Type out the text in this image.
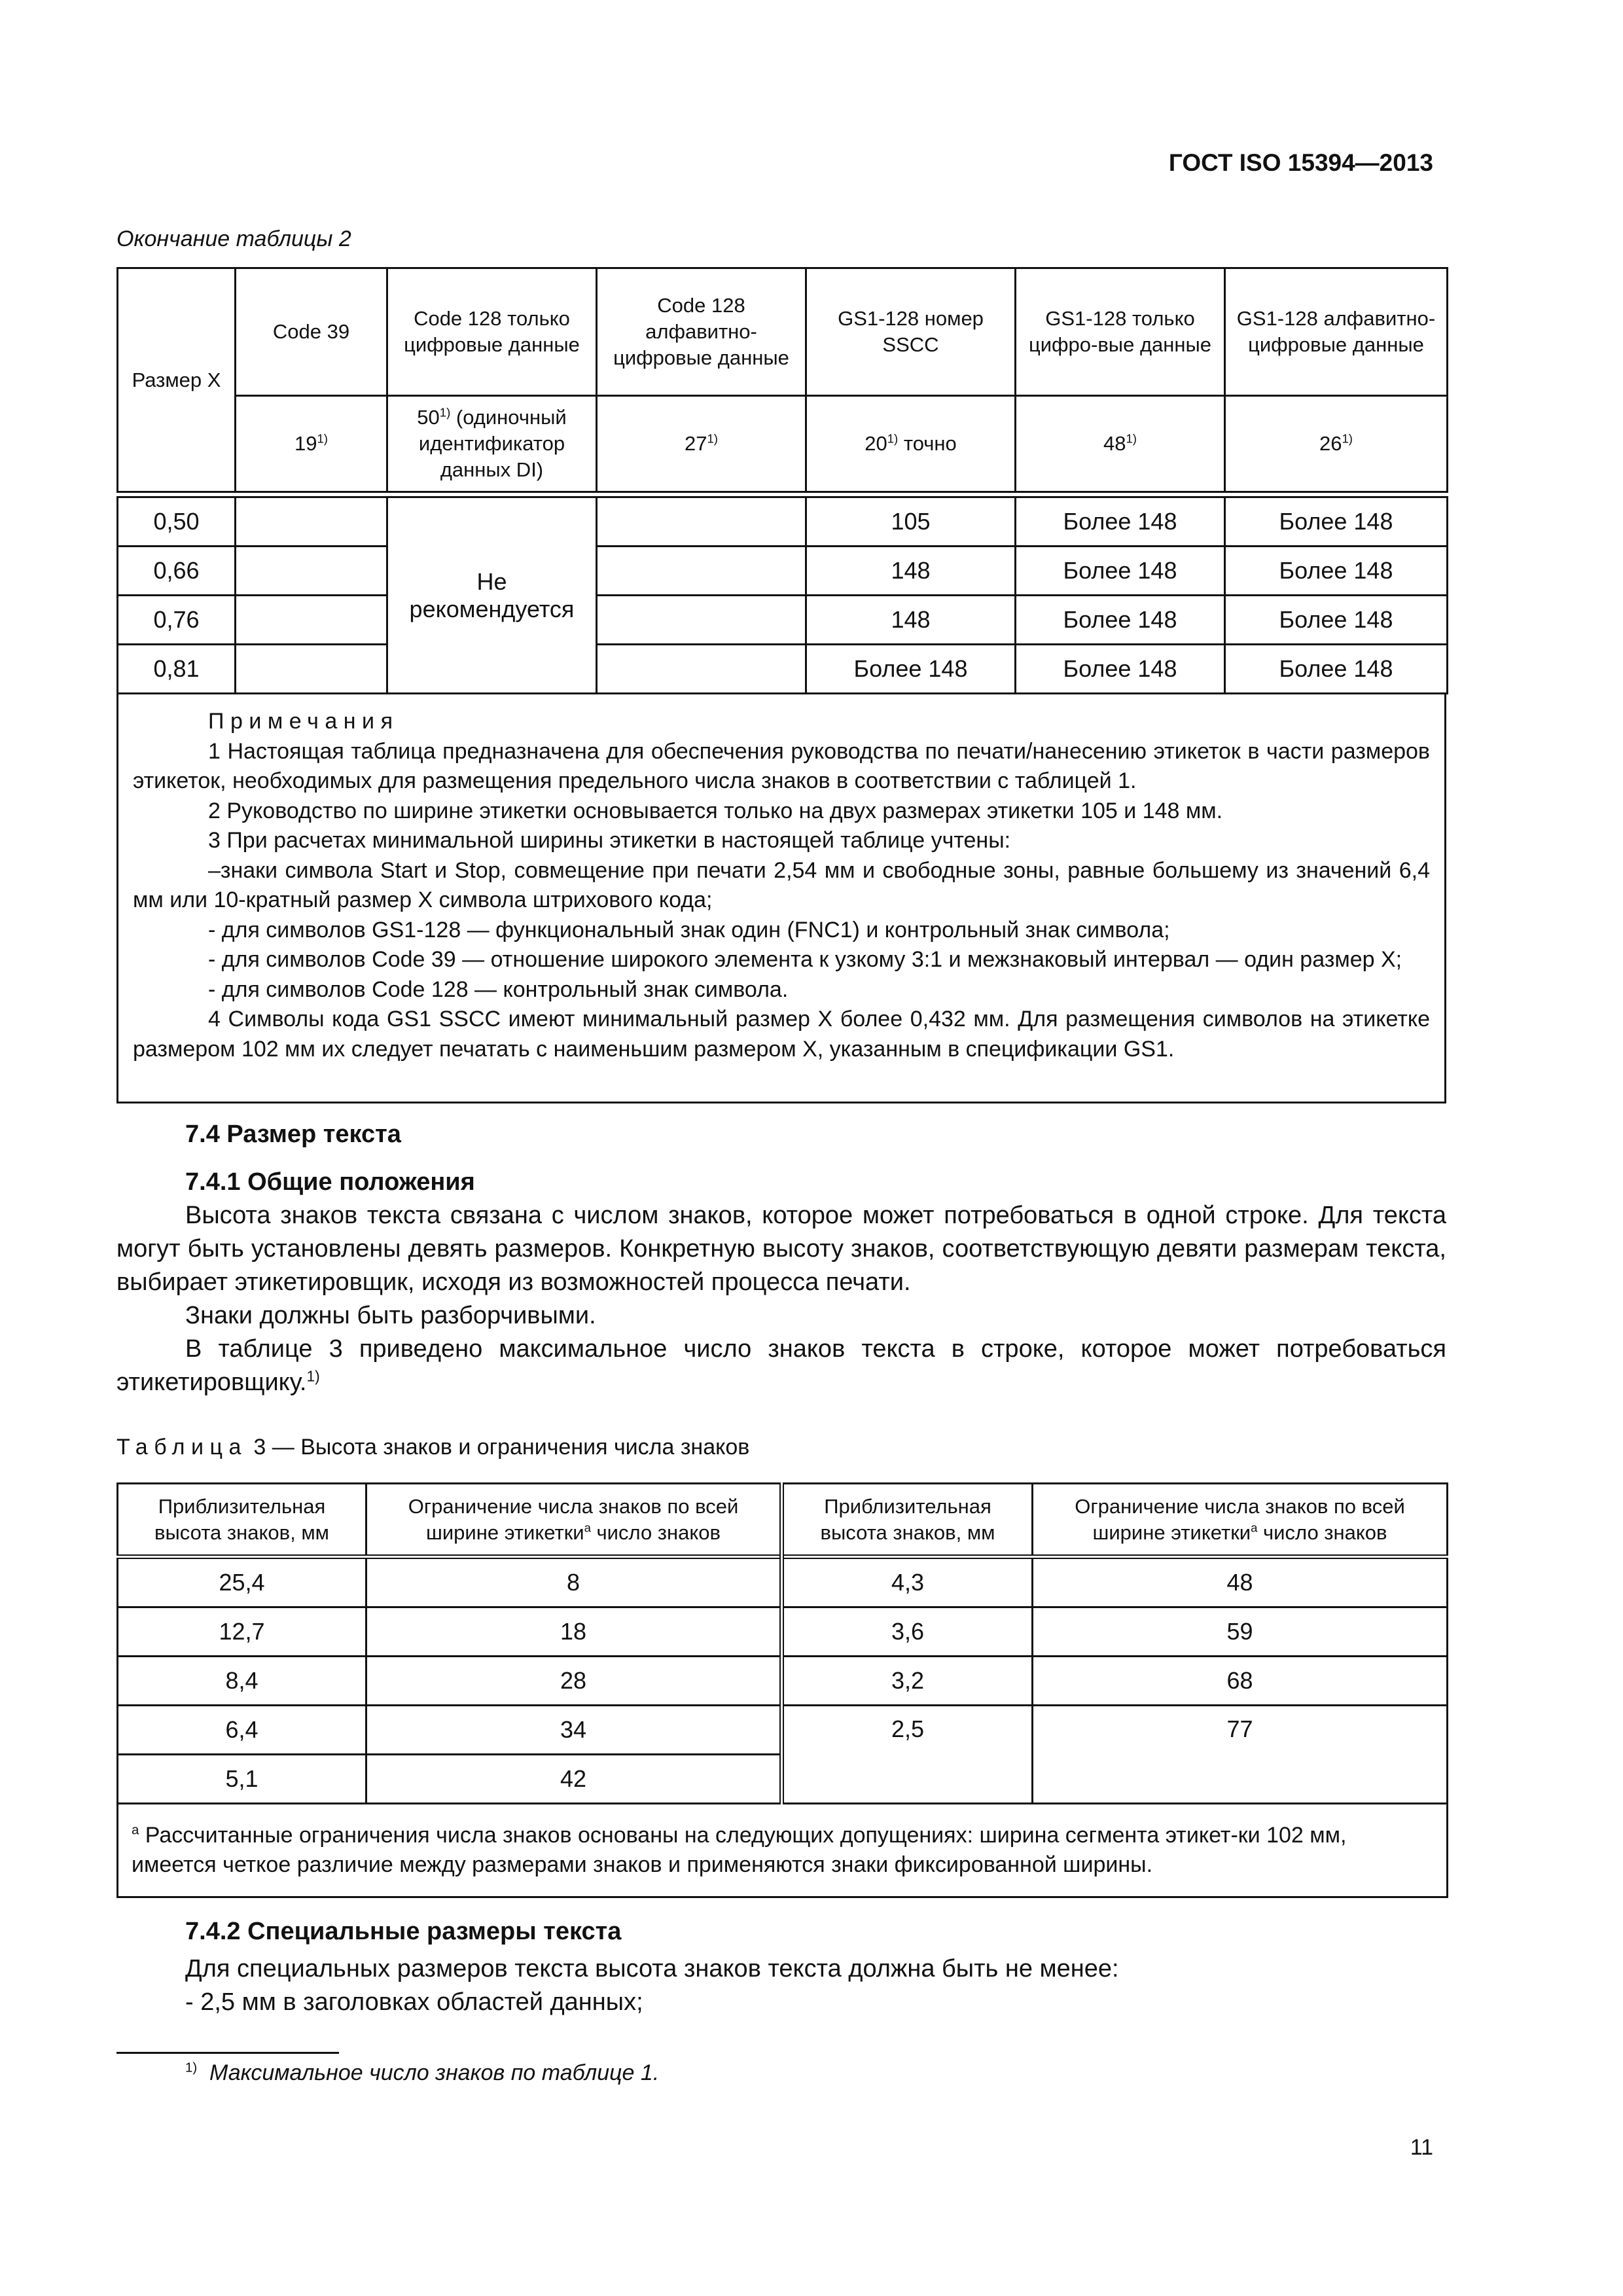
ГОСТ ISO 15394—2013
Окончание таблицы 2
Размер Х	Code 39	Code 128 только цифровые данные	Code 128 алфавитно-цифровые данные	GS1-128 номер SSCC	GS1-128 только цифро-вые данные	GS1-128 алфавитно-цифровые данные
	19$^{1)}$	50$^{1)}$ (одиночный идентификатор данных DI)	27$^{1)}$	20$^{1)}$ точно	48$^{1)}$	26$^{1)}$
0,50		Не рекомендуется		105	Более 148	Более 148
0,66				148	Более 148	Более 148
0,76				148	Более 148	Более 148
0,81				Более 148	Более 148	Более 148

Примечания

1 Настоящая таблица предназначена для обеспечения руководства по печати/нанесению этикеток в части размеров этикеток, необходимых для размещения предельного числа знаков в соответствии с таблицей 1.

2 Руководство по ширине этикетки основывается только на двух размерах этикетки 105 и 148 мм.

3 При расчетах минимальной ширины этикетки в настоящей таблице учтены:

–знаки символа Start и Stop, совмещение при печати 2,54 мм и свободные зоны, равные большему из значений 6,4 мм или 10-кратный размер Х символа штрихового кода;

- для символов GS1-128 — функциональный знак один (FNC1) и контрольный знак символа;

- для символов Code 39 — отношение широкого элемента к узкому 3:1 и межзнаковый интервал — один размер Х;

- для символов Code 128 — контрольный знак символа.

4 Символы кода GS1 SSCC имеют минимальный размер Х более 0,432 мм. Для размещения символов на этикетке размером 102 мм их следует печатать с наименьшим размером Х, указанным в спецификации GS1.

7.4 Размер текста
7.4.1 Общие положения

Высота знаков текста связана с числом знаков, которое может потребоваться в одной строке. Для текста могут быть установлены девять размеров. Конкретную высоту знаков, соответствующую девяти размерам текста, выбирает этикетировщик, исходя из возможностей процесса печати.

Знаки должны быть разборчивыми.

В таблице 3 приведено максимальное число знаков текста в строке, которое может потребоваться этикетировщику.$^{1)}$

Таблица 3 — Высота знаков и ограничения числа знаков
Приблизительная высота знаков, мм	Ограничение числа знаков по всей ширине этикетки$^а$ число знаков	Приблизительная высота знаков, мм	Ограничение числа знаков по всей ширине этикетки$^а$ число знаков
25,4	8	4,3	48
12,7	18	3,6	59
8,4	28	3,2	68
6,4	34	2,5	77
5,1	42		
$^а$ Рассчитанные ограничения числа знаков основаны на следующих допущениях: ширина сегмента этикет-ки 102 мм, имеется четкое различие между размерами знаков и применяются знаки фиксированной ширины.			
7.4.2 Специальные размеры текста

Для специальных размеров текста высота знаков текста должна быть не менее:

- 2,5 мм в заголовках областей данных;

$^{1)}$ Максимальное число знаков по таблице 1.
11
